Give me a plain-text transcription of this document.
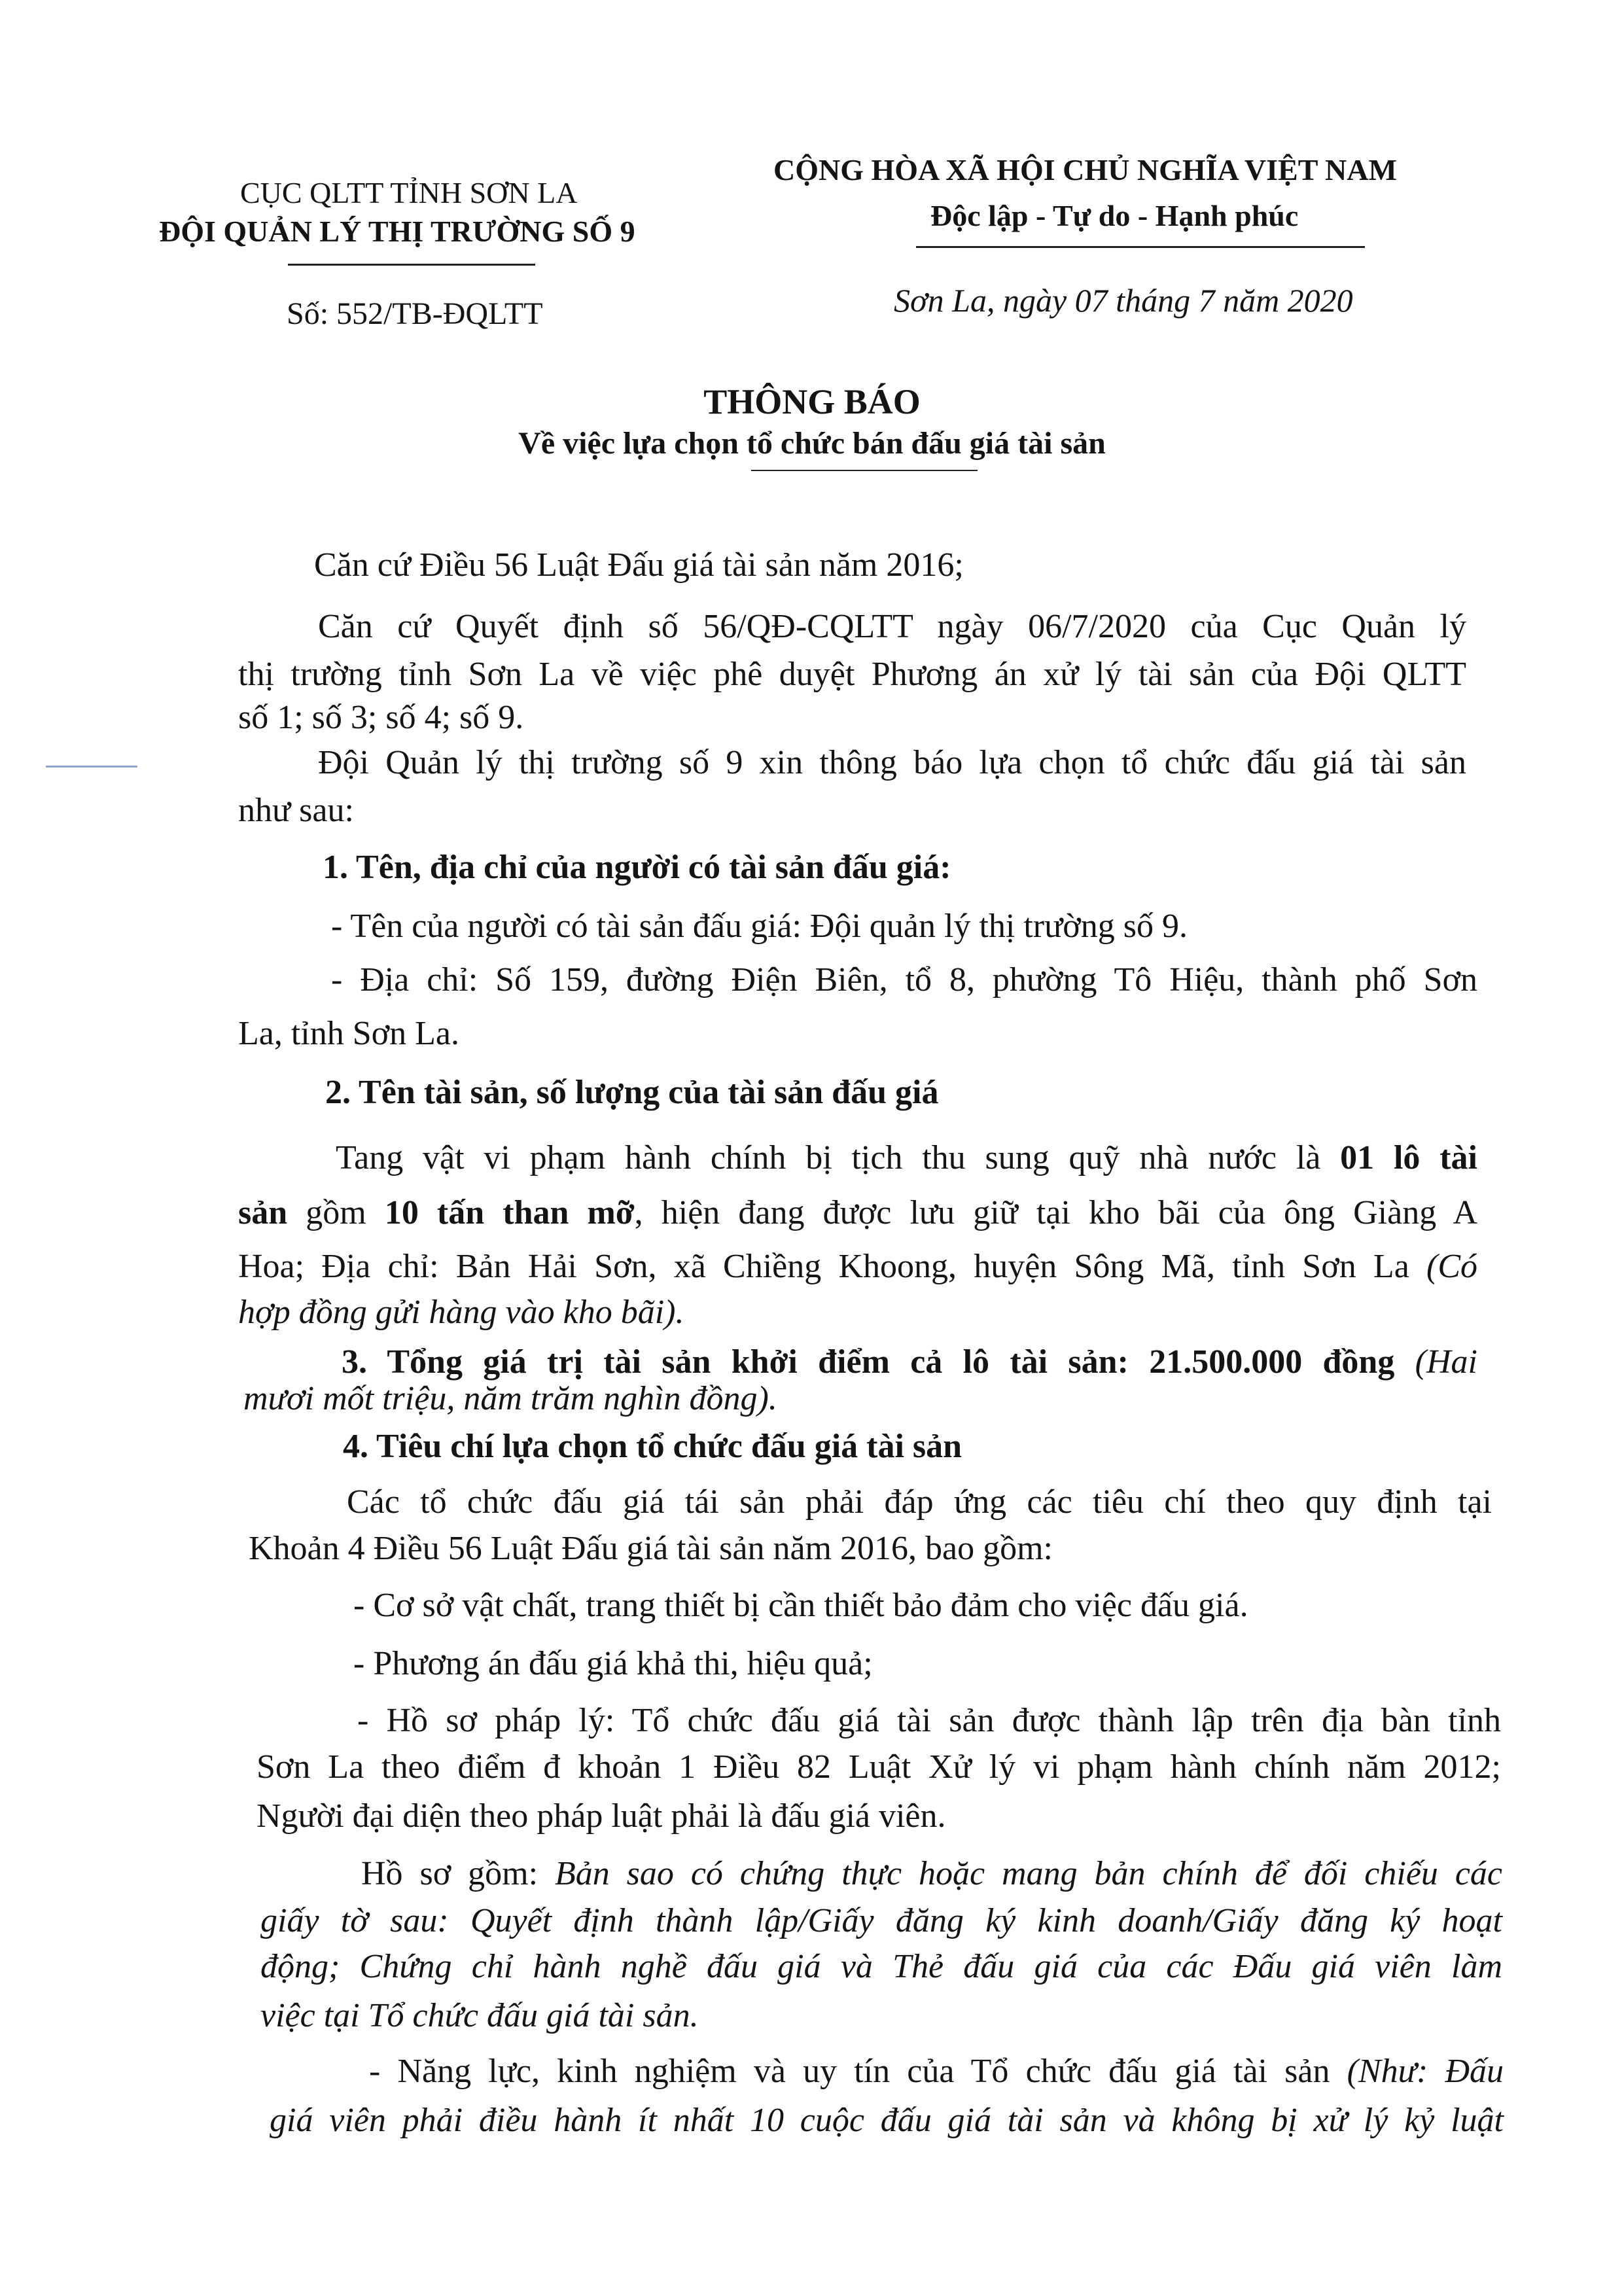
CỤC QLTT TỈNH SƠN LA
ĐỘI QUẢN LÝ THỊ TRƯỜNG SỐ 9
Số: 552/TB-ĐQLTT
CỘNG HÒA XÃ HỘI CHỦ NGHĨA VIỆT NAM
Độc lập - Tự do - Hạnh phúc
Sơn La, ngày 07 tháng 7 năm 2020
THÔNG BÁO
Về việc lựa chọn tổ chức bán đấu giá tài sản
Căn cứ Điều 56 Luật Đấu giá tài sản năm 2016;
Căn cứ Quyết định số 56/QĐ-CQLTT ngày 06/7/2020 của Cục Quản lý
thị trường tỉnh Sơn La về việc phê duyệt Phương án xử lý tài sản của Đội QLTT
số 1; số 3; số 4; số 9.
Đội Quản lý thị trường số 9 xin thông báo lựa chọn tổ chức đấu giá tài sản
như sau:
1. Tên, địa chỉ của người có tài sản đấu giá:
- Tên của người có tài sản đấu giá: Đội quản lý thị trường số 9.
- Địa chỉ: Số 159, đường Điện Biên, tổ 8, phường Tô Hiệu, thành phố Sơn
La, tỉnh Sơn La.
2. Tên tài sản, số lượng của tài sản đấu giá
Tang vật vi phạm hành chính bị tịch thu sung quỹ nhà nước là 01 lô tài
sản gồm 10 tấn than mỡ, hiện đang được lưu giữ tại kho bãi của ông Giàng A
Hoa; Địa chỉ: Bản Hải Sơn, xã Chiềng Khoong, huyện Sông Mã, tỉnh Sơn La (Có
hợp đồng gửi hàng vào kho bãi).
3. Tổng giá trị tài sản khởi điểm cả lô tài sản: 21.500.000 đồng (Hai
mươi mốt triệu, năm trăm nghìn đồng).
4. Tiêu chí lựa chọn tổ chức đấu giá tài sản
Các tổ chức đấu giá tái sản phải đáp ứng các tiêu chí theo quy định tại
Khoản 4 Điều 56 Luật Đấu giá tài sản năm 2016, bao gồm:
- Cơ sở vật chất, trang thiết bị cần thiết bảo đảm cho việc đấu giá.
- Phương án đấu giá khả thi, hiệu quả;
- Hồ sơ pháp lý: Tổ chức đấu giá tài sản được thành lập trên địa bàn tỉnh
Sơn La theo điểm đ khoản 1 Điều 82 Luật Xử lý vi phạm hành chính năm 2012;
Người đại diện theo pháp luật phải là đấu giá viên.
Hồ sơ gồm: Bản sao có chứng thực hoặc mang bản chính để đối chiếu các
giấy tờ sau: Quyết định thành lập/Giấy đăng ký kinh doanh/Giấy đăng ký hoạt
động; Chứng chỉ hành nghề đấu giá và Thẻ đấu giá của các Đấu giá viên làm
việc tại Tổ chức đấu giá tài sản.
- Năng lực, kinh nghiệm và uy tín của Tổ chức đấu giá tài sản (Như: Đấu
giá viên phải điều hành ít nhất 10 cuộc đấu giá tài sản và không bị xử lý kỷ luật
